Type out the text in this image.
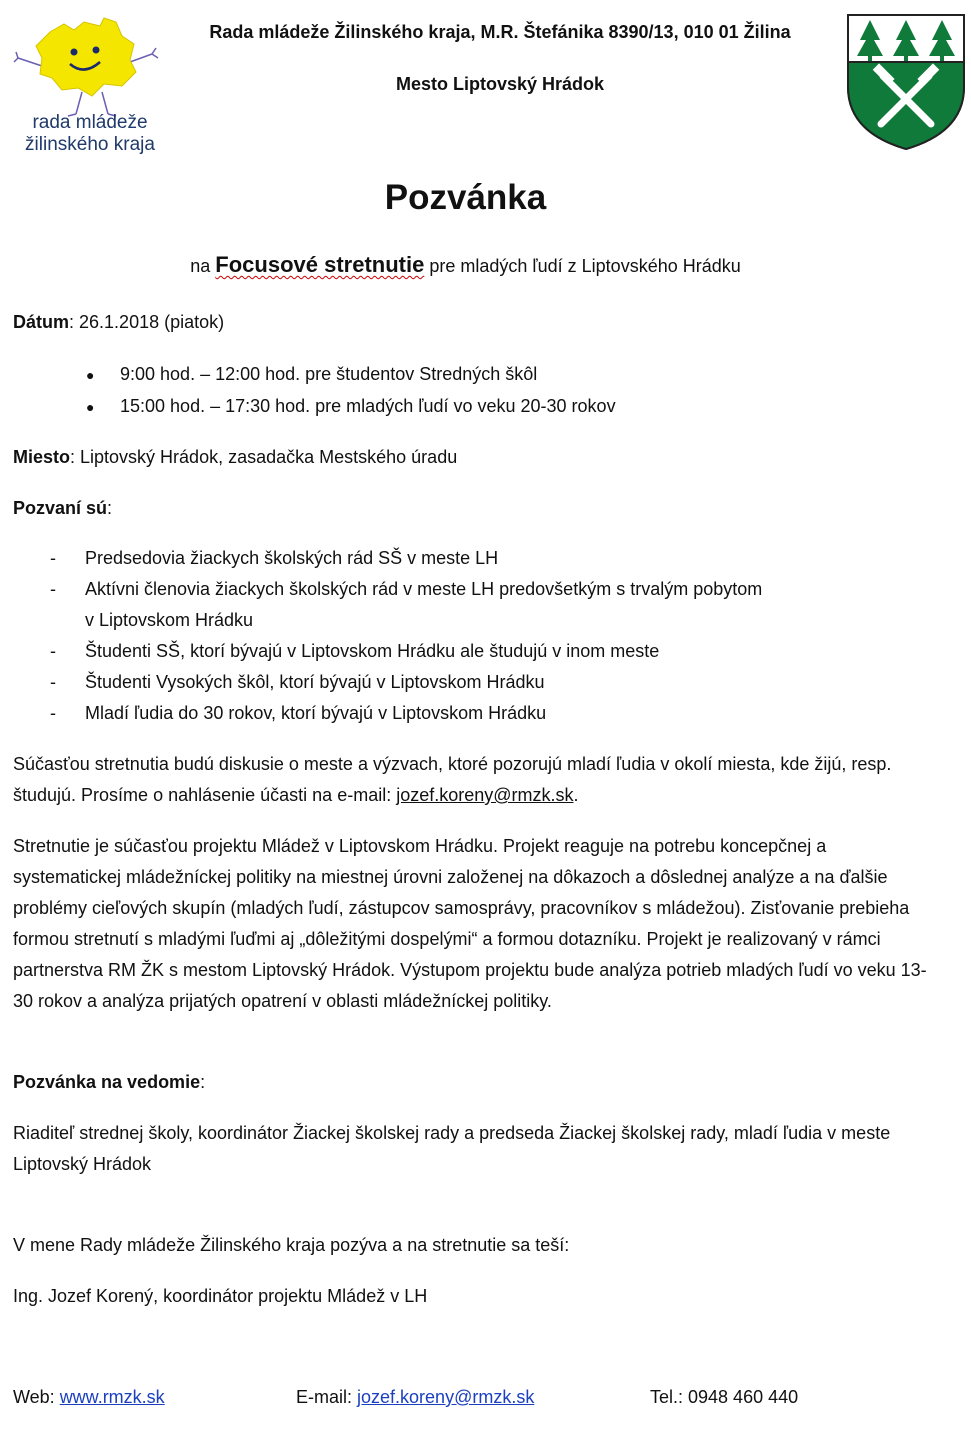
rada mládeže
žilinského kraja
Rada mládeže Žilinského kraja, M.R. Štefánika 8390/13, 010 01 Žilina
Mesto Liptovský Hrádok
Pozvánka
na Focusové stretnutie pre mladých ľudí z Liptovského Hrádku
Dátum: 26.1.2018 (piatok)
● 9:00 hod. – 12:00 hod. pre študentov Stredných škôl
● 15:00 hod. – 17:30 hod. pre mladých ľudí vo veku 20-30 rokov
Miesto: Liptovský Hrádok, zasadačka Mestského úradu
Pozvaní sú:
- Predsedovia žiackych školských rád SŠ v meste LH
- Aktívni členovia žiackych školských rád v meste LH predovšetkým s trvalým pobytom
v Liptovskom Hrádku
- Študenti SŠ, ktorí bývajú v Liptovskom Hrádku ale študujú v inom meste
- Študenti Vysokých škôl, ktorí bývajú v Liptovskom Hrádku
- Mladí ľudia do 30 rokov, ktorí bývajú v Liptovskom Hrádku
Súčasťou stretnutia budú diskusie o meste a výzvach, ktoré pozorujú mladí ľudia v okolí miesta, kde žijú, resp. študujú. Prosíme o nahlásenie účasti na e-mail: jozef.koreny@rmzk.sk.
Stretnutie je súčasťou projektu Mládež v Liptovskom Hrádku. Projekt reaguje na potrebu koncepčnej a systematickej mládežníckej politiky na miestnej úrovni založenej na dôkazoch a dôslednej analýze a na ďalšie problémy cieľových skupín (mladých ľudí, zástupcov samosprávy, pracovníkov s mládežou). Zisťovanie prebieha formou stretnutí s mladými ľuďmi aj „dôležitými dospelými“ a formou dotazníku. Projekt je realizovaný v rámci partnerstva RM ŽK s mestom Liptovský Hrádok. Výstupom projektu bude analýza potrieb mladých ľudí vo veku 13-30 rokov a analýza prijatých opatrení v oblasti mládežníckej politiky.
Pozvánka na vedomie:
Riaditeľ strednej školy, koordinátor Žiackej školskej rady a predseda Žiackej školskej rady, mladí ľudia v meste Liptovský Hrádok
V mene Rady mládeže Žilinského kraja pozýva a na stretnutie sa teší:
Ing. Jozef Korený, koordinátor projektu Mládež v LH
Web: www.rmzk.sk	E-mail: jozef.koreny@rmzk.sk	Tel.: 0948 460 440
